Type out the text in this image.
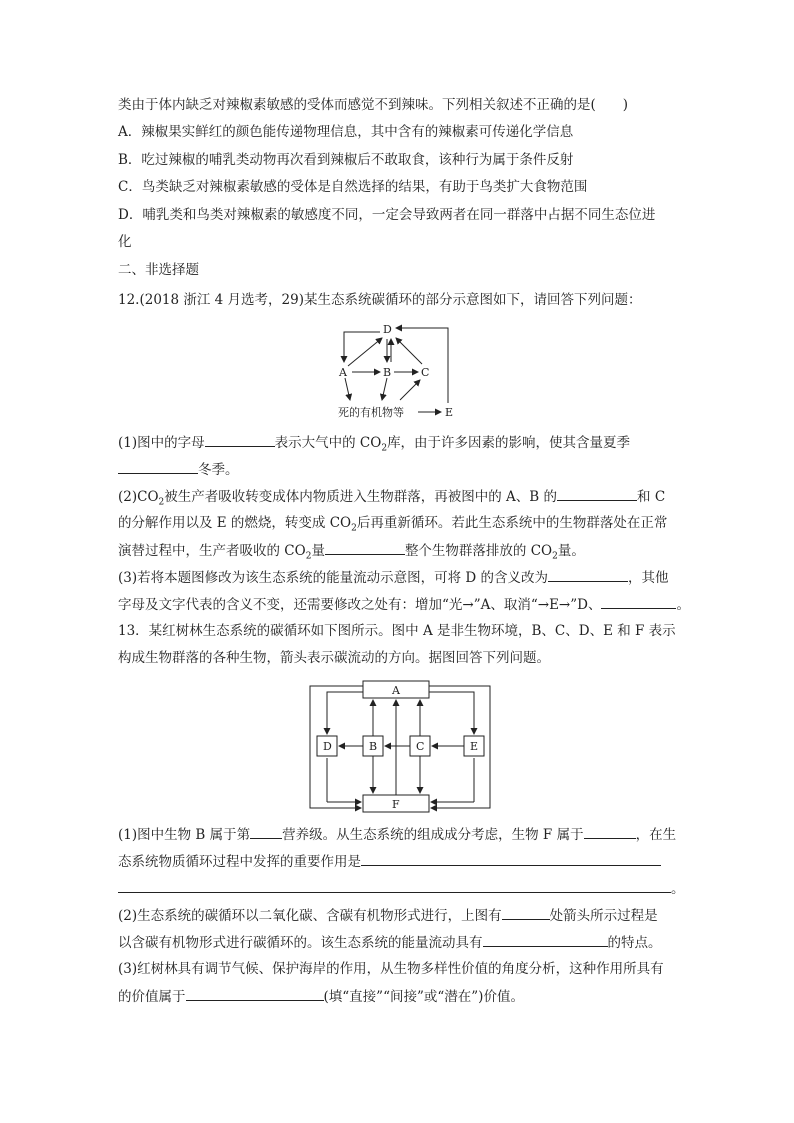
类由于体内缺乏对辣椒素敏感的受体而感觉不到辣味。下列相关叙述不正确的是(　　)
A．辣椒果实鲜红的颜色能传递物理信息，其中含有的辣椒素可传递化学信息
B．吃过辣椒的哺乳类动物再次看到辣椒后不敢取食，该种行为属于条件反射
C．鸟类缺乏对辣椒素敏感的受体是自然选择的结果，有助于鸟类扩大食物范围
D．哺乳类和鸟类对辣椒素的敏感度不同，一定会导致两者在同一群落中占据不同生态位进
化
二、非选择题
12.(2018 浙江 4 月选考，29)某生态系统碳循环的部分示意图如下，请回答下列问题：
D
A	B	C
死的有机物等	E
(1)图中的字母	表示大气中的 $CO_2$库，由于许多因素的影响，使其含量夏季
冬季。
$(2)CO_2$被生产者吸收转变成体内物质进入生物群落，再被图中的 A、B 的	和 C
的分解作用以及 E 的燃烧，转变成 $CO_2$后再重新循环。若此生态系统中的生物群落处在正常
演替过程中，生产者吸收的 $CO_2$量	整个生物群落排放的 $CO_2$量。
(3)若将本题图修改为该生态系统的能量流动示意图，可将 D 的含义改为	，其他
字母及文字代表的含义不变，还需要修改之处有：增加“光→”A、取消“→E→”D、	。
13．某红树林生态系统的碳循环如下图所示。图中 A 是非生物环境，B、C、D、E 和 F 表示
构成生物群落的各种生物，箭头表示碳流动的方向。据图回答下列问题。
A
F
D	B	C	E
(1)图中生物 B 属于第 营养级。从生态系统的组成成分考虑，生物 F 属于	，在生
态系统物质循环过程中发挥的重要作用是
。
(2)生态系统的碳循环以二氧化碳、含碳有机物形式进行，上图有	处箭头所示过程是
以含碳有机物形式进行碳循环的。该生态系统的能量流动具有	的特点。
(3)红树林具有调节气候、保护海岸的作用，从生物多样性价值的角度分析，这种作用所具有
的价值属于	(填“直接”“间接”或“潜在”)价值。
